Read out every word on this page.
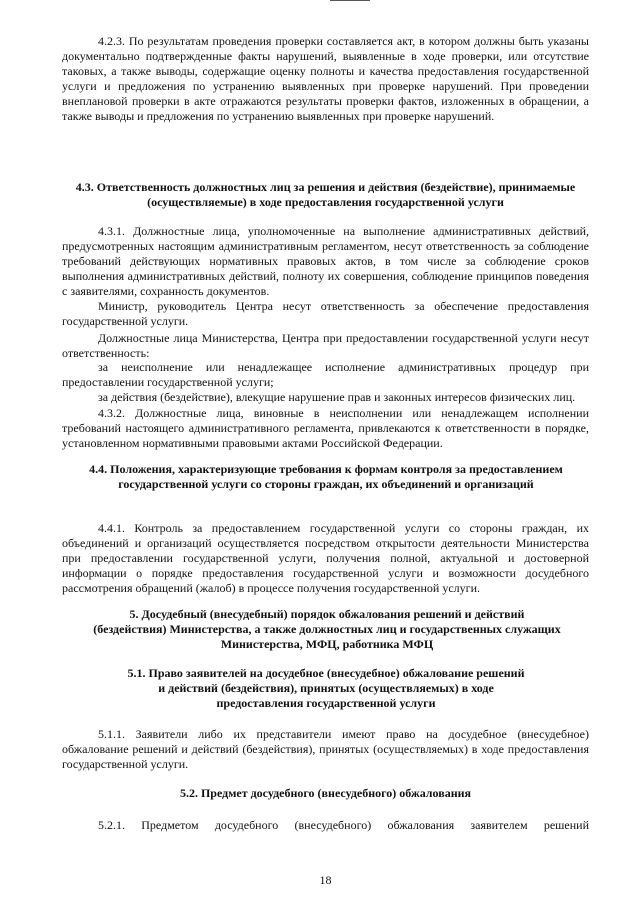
4.2.3. По результатам проведения проверки составляется акт, в котором должны быть указаны документально подтвержденные факты нарушений, выявленные в ходе проверки, или отсутствие таковых, а также выводы, содержащие оценку полноты и качества предоставления государственной услуги и предложения по устранению выявленных при проверке нарушений. При проведении внеплановой проверки в акте отражаются результаты проверки фактов, изложенных в обращении, а также выводы и предложения по устранению выявленных при проверке нарушений.

4.3. Ответственность должностных лиц за решения и действия (бездействие), принимаемые (осуществляемые) в ходе предоставления государственной услуги

4.3.1. Должностные лица, уполномоченные на выполнение административных действий, предусмотренных настоящим административным регламентом, несут ответственность за соблюдение требований действующих нормативных правовых актов, в том числе за соблюдение сроков выполнения административных действий, полноту их совершения, соблюдение принципов поведения с заявителями, сохранность документов.

Министр, руководитель Центра несут ответственность за обеспечение предоставления государственной услуги.

Должностные лица Министерства, Центра при предоставлении государственной услуги несут ответственность:

за неисполнение или ненадлежащее исполнение административных процедур при предоставлении государственной услуги;

за действия (бездействие), влекущие нарушение прав и законных интересов физических лиц.

4.3.2. Должностные лица, виновные в неисполнении или ненадлежащем исполнении требований настоящего административного регламента, привлекаются к ответственности в порядке, установленном нормативными правовыми актами Российской Федерации.

4.4. Положения, характеризующие требования к формам контроля за предоставлением государственной услуги со стороны граждан, их объединений и организаций

4.4.1. Контроль за предоставлением государственной услуги со стороны граждан, их объединений и организаций осуществляется посредством открытости деятельности Министерства при предоставлении государственной услуги, получения полной, актуальной и достоверной информации о порядке предоставления государственной услуги и возможности досудебного рассмотрения обращений (жалоб) в процессе получения государственной услуги.

5. Досудебный (внесудебный) порядок обжалования решений и действий (бездействия) Министерства, а также должностных лиц и государственных служащих Министерства, МФЦ, работника МФЦ

5.1. Право заявителей на досудебное (внесудебное) обжалование решений и действий (бездействия), принятых (осуществляемых) в ходе предоставления государственной услуги

5.1.1. Заявители либо их представители имеют право на досудебное (внесудебное) обжалование решений и действий (бездействия), принятых (осуществляемых) в ходе предоставления государственной услуги.

5.2. Предмет досудебного (внесудебного) обжалования

5.2.1. Предметом досудебного (внесудебного) обжалования заявителем решений

18
